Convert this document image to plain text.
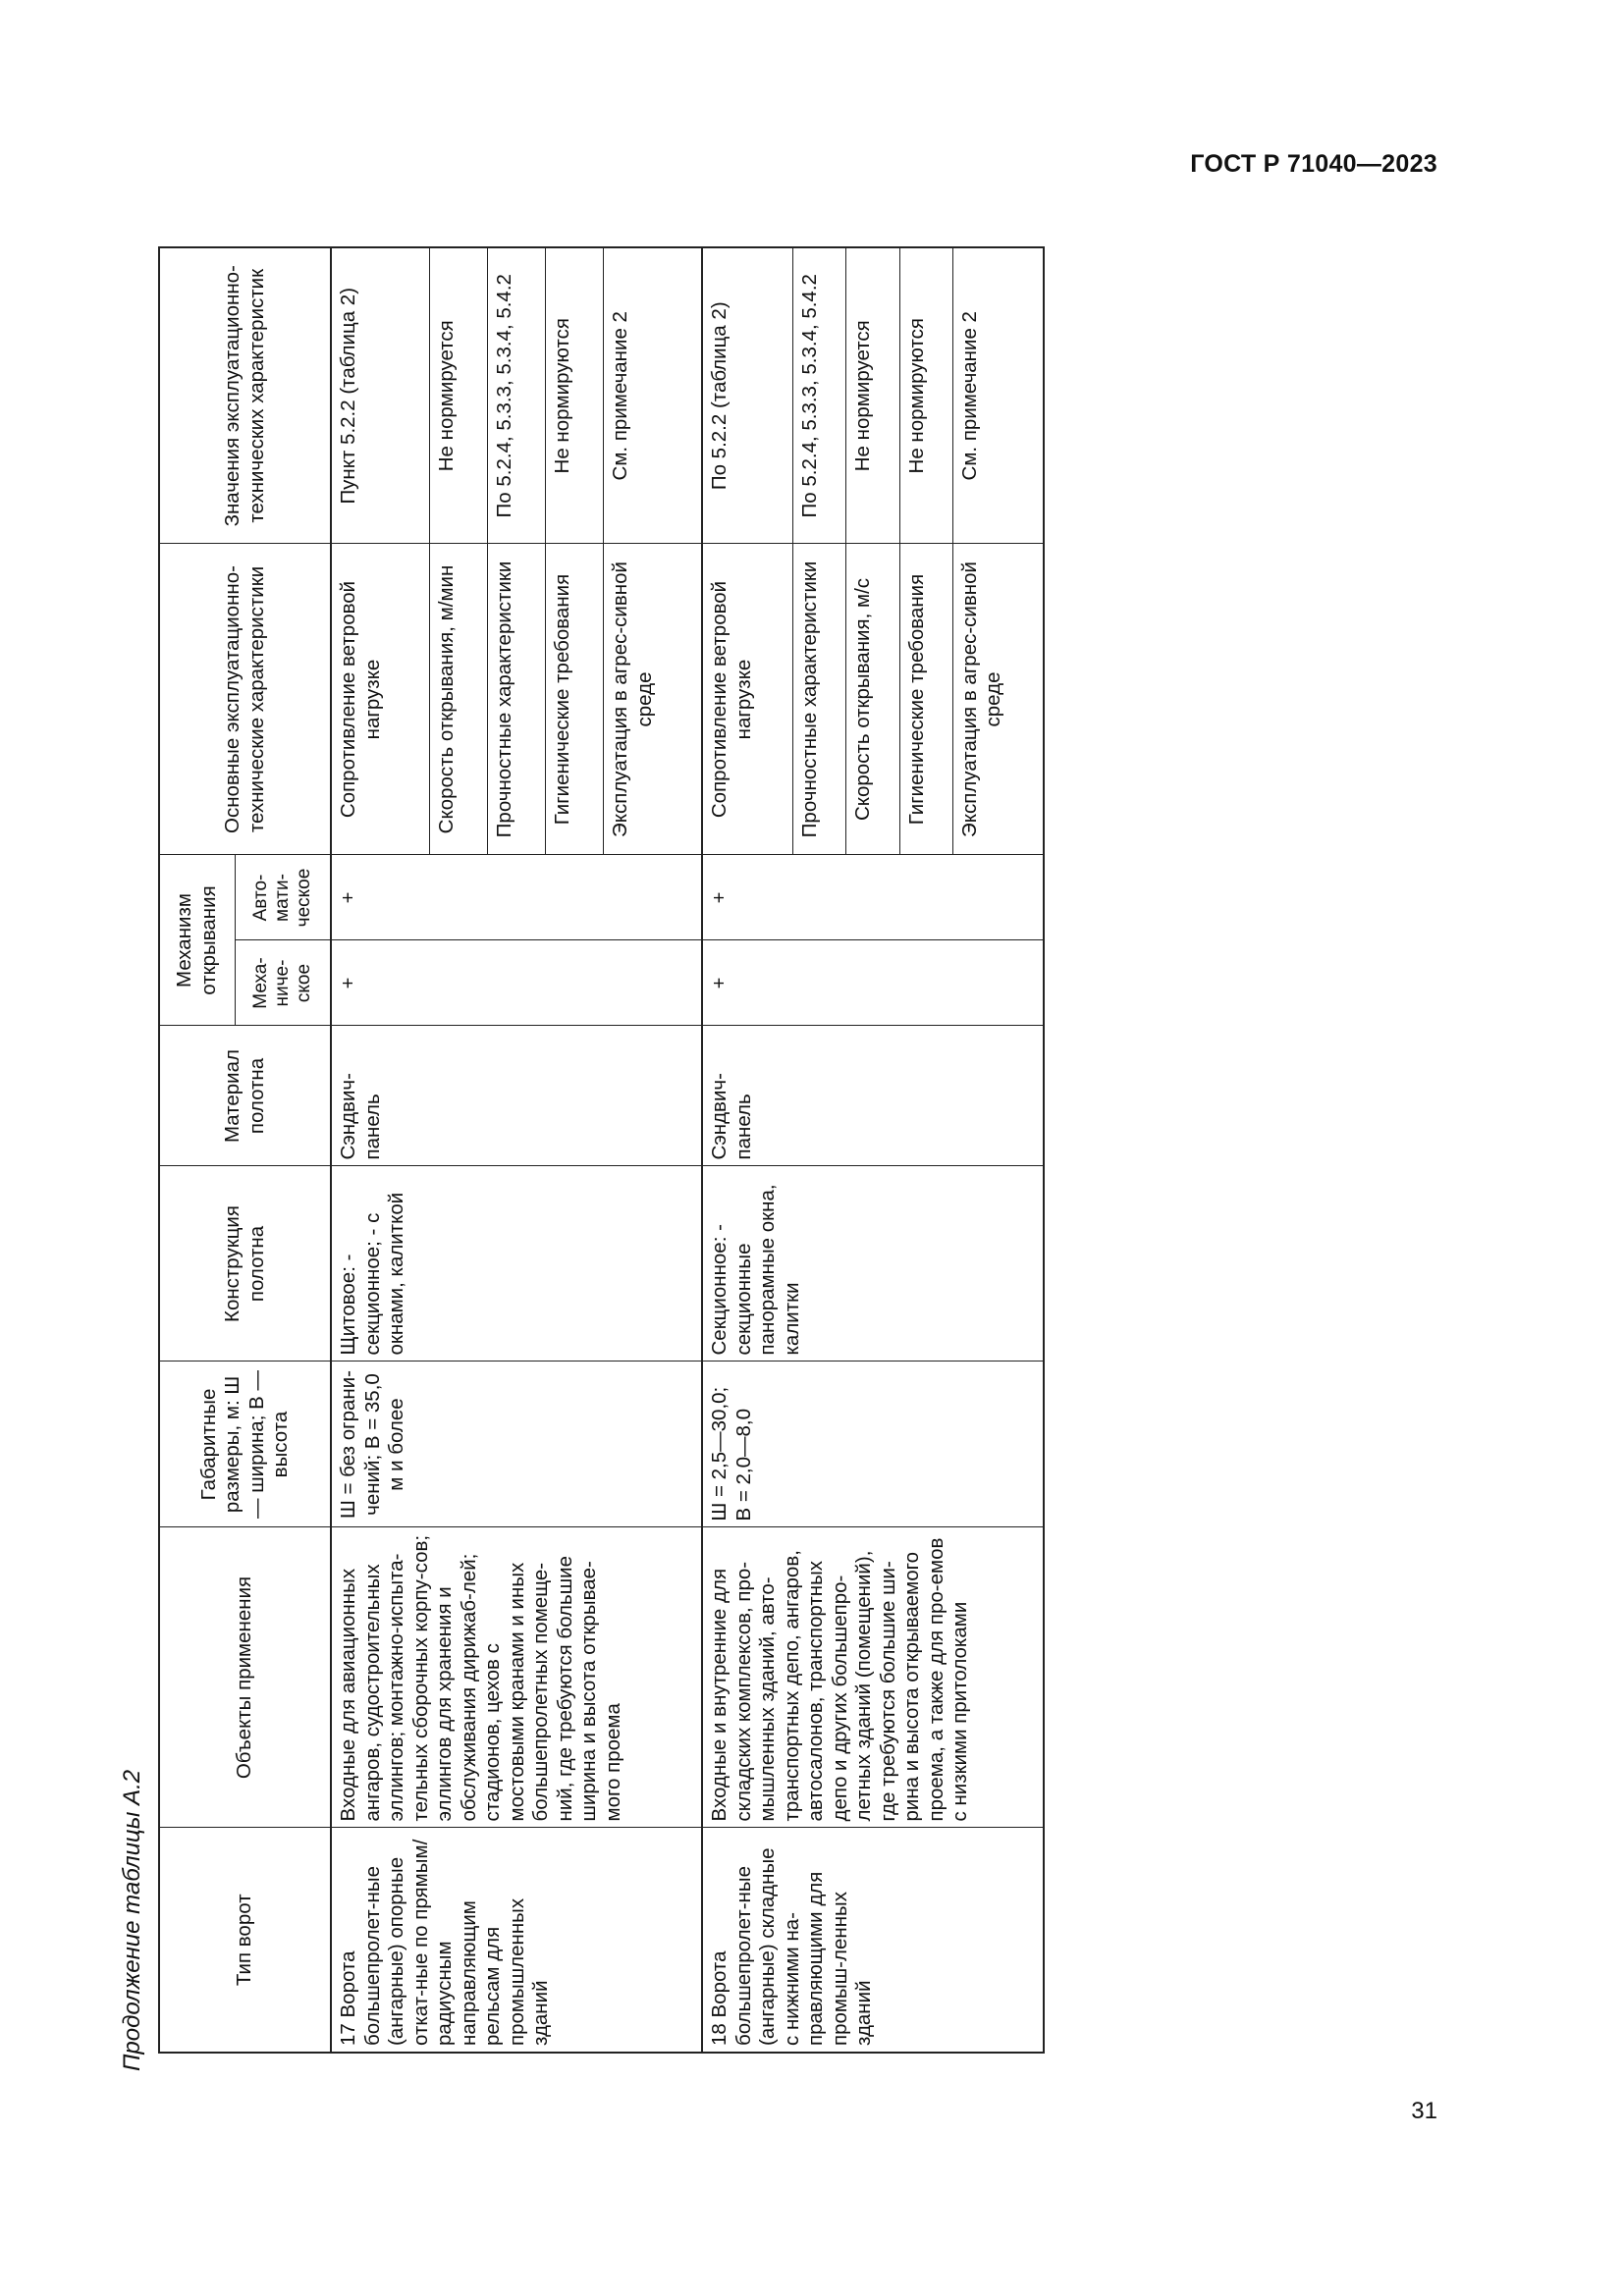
ГОСТ Р 71040—2023
Продолжение таблицы А.2	Тип ворот	Объекты применения	Габаритные размеры, м: Ш — ширина; В — высота	Конструкция полотна	Материал полотна	Механизм открывания		Основные эксплуатационно-технические характеристики	Значения эксплуатационно-технических характеристик
					Меха-ниче-ское	Авто-мати-ческое		
17 Ворота большепролет-ные (ангарные) опорные откат-ные по прямым/радиусным направляющим рельсам для промышленных зданий	Входные для авиационных ангаров, судостроительных эллингов; монтажно-испыта-тельных сборочных корпу-сов; эллингов для хранения и обслуживания дирижаб-лей; стадионов, цехов с мостовыми кранами и иных большепролетных помеще-ний, где требуются большие ширина и высота открывае-мого проема	Ш = без ограни-чений; В = 35,0 м и более	Щитовое: - секционное; - с окнами, калиткой	Сэндвич-панель	+	+	Сопротивление ветровой нагрузке	Пункт 5.2.2 (таблица 2)
							Скорость открывания, м/мин	Не нормируется
							Прочностные характеристики	По 5.2.4, 5.3.3, 5.3.4, 5.4.2
							Гигиенические требования	Не нормируются
							Эксплуатация в агрес-сивной среде	См. примечание 2
18 Ворота большепролет-ные (ангарные) складные с нижними на-правляющими для промыш-ленных зданий	Входные и внутренние для складских комплексов, про-мышленных зданий, авто-транспортных депо, ангаров, автосалонов, транспортных депо и других большепро-летных зданий (помещений), где требуются большие ши-рина и высота открываемого проема, а также для про-емов с низкими притолоками	Ш = 2,5—30,0; В = 2,0—8,0	Секционное: - секционные панорамные окна, калитки	Сэндвич-панель	+	+	Сопротивление ветровой нагрузке	По 5.2.2 (таблица 2)
							Прочностные характеристики	По 5.2.4, 5.3.3, 5.3.4, 5.4.2
							Скорость открывания, м/с	Не нормируется
							Гигиенические требования	Не нормируются
							Эксплуатация в агрес-сивной среде	См. примечание 2
31
